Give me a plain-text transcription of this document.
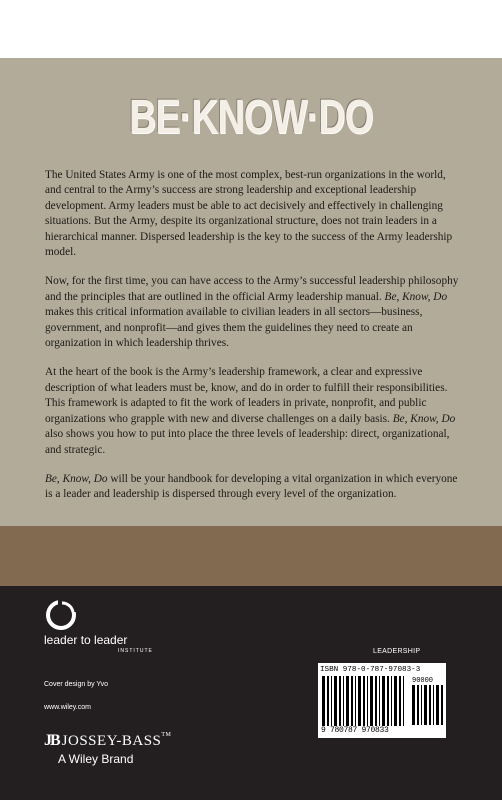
BE·KNOW·DO

The United States Army is one of the most complex, best-run organizations in the world, and central to the Army’s success are strong leadership and exceptional leadership development. Army leaders must be able to act decisively and effectively in challenging situations. But the Army, despite its organizational structure, does not train leaders in a hierarchical manner. Dispersed leadership is the key to the success of the Army leadership model.

Now, for the first time, you can have access to the Army’s successful leadership philosophy and the principles that are outlined in the official Army leadership manual. Be, Know, Do makes this critical information available to civilian leaders in all sectors—business, government, and nonprofit—and gives them the guidelines they need to create an organization in which leadership thrives.

At the heart of the book is the Army’s leadership framework, a clear and expressive description of what leaders must be, know, and do in order to fulfill their responsibilities. This framework is adapted to fit the work of leaders in private, nonprofit, and public organizations who grapple with new and diverse challenges on a daily basis. Be, Know, Do also shows you how to put into place the three levels of leadership: direct, organizational, and strategic.

Be, Know, Do will be your handbook for developing a vital organization in which everyone is a leader and leadership is dispersed through every level of the organization.

leader to leader
INSTITUTE
Cover design by Yvo
www.wiley.com
JB JOSSEY-BASS™
A Wiley Brand
LEADERSHIP
ISBN 978-0-787-97083-3
90000
9 780787 970833
